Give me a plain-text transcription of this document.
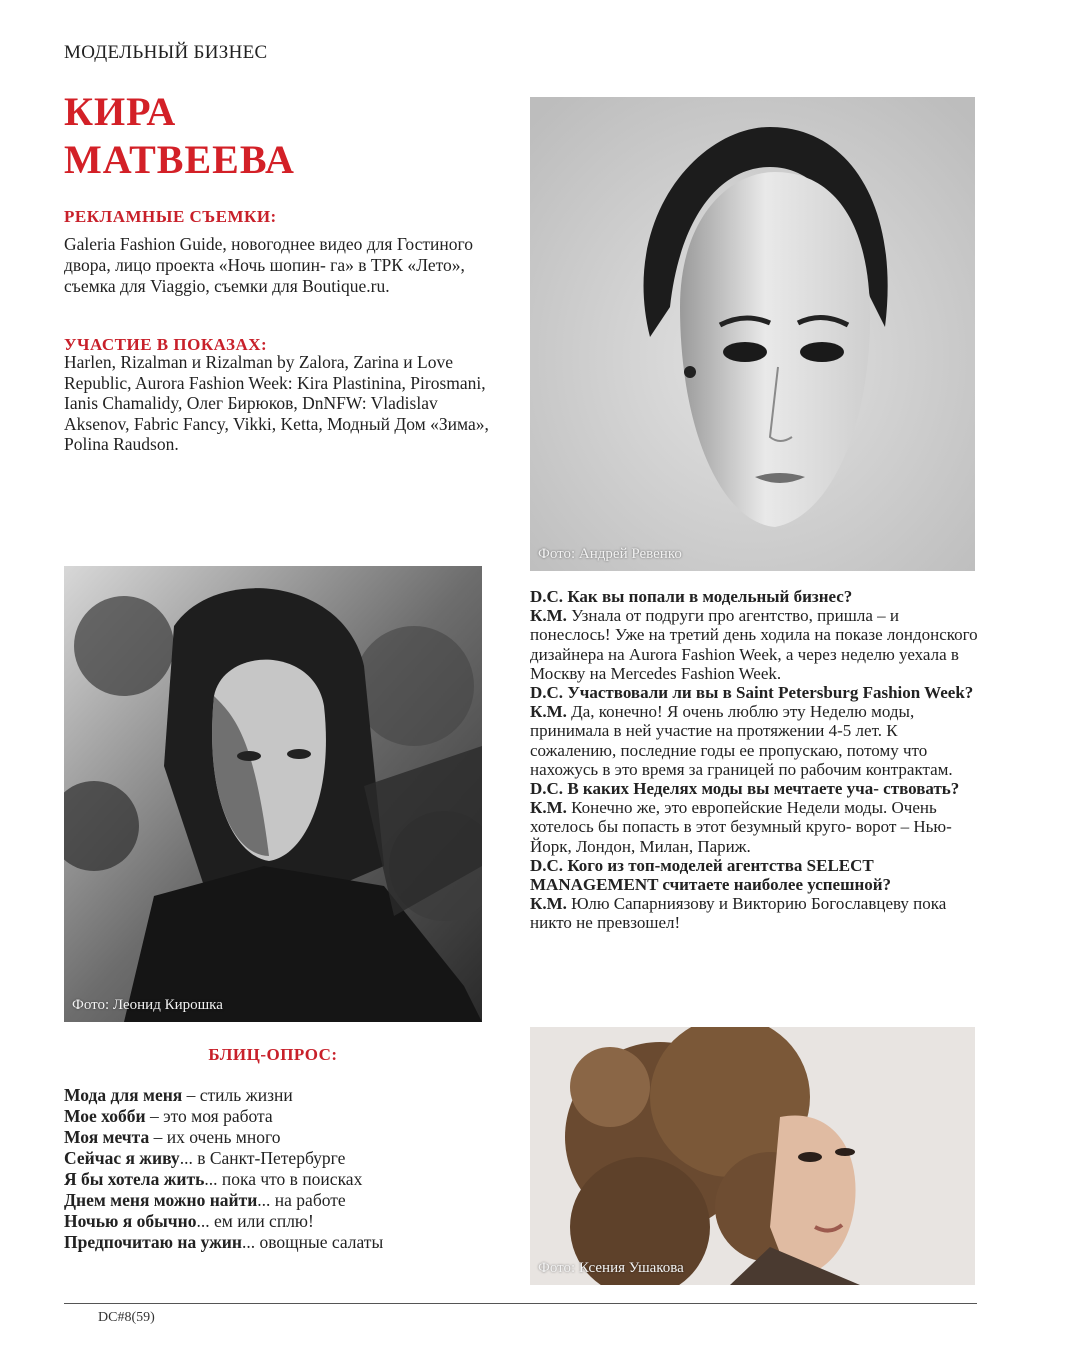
МОДЕЛЬНЫЙ БИЗНЕС
КИРА
МАТВЕЕВА
РЕКЛАМНЫЕ СЪЕМКИ:
Galeria Fashion Guide, новогоднее видео для Гостиного двора, лицо проекта «Ночь шопин- га» в ТРК «Лето», съемка для Viaggio, съемки для Boutique.ru.
УЧАСТИЕ В ПОКАЗАХ:
Harlen, Rizalman и Rizalman by Zalora, Zarina и Love Republic, Aurora Fashion Week: Kira Plastinina, Pirosmani, Ianis Chamalidy, Олег Бирюков, DnNFW: Vladislav Aksenov, Fabric Fancy, Vikki, Ketta, Модный Дом «Зима», Polina Raudson.
Фото: Андрей Ревенко
Фото: Леонид Кирошка

D.C. Как вы попали в модельный бизнес?

К.М. Узнала от подруги про агентство, пришла – и понеслось! Уже на третий день ходила на показе лондонского дизайнера на Aurora Fashion Week, а через неделю уехала в Москву на Mercedes Fashion Week.

D.C. Участвовали ли вы в Saint Petersburg Fashion Week?

К.М. Да, конечно! Я очень люблю эту Неделю моды, принимала в ней участие на протяжении 4-5 лет. К сожалению, последние годы ее пропускаю, потому что нахожусь в это время за границей по рабочим контрактам.

D.C. В каких Неделях моды вы мечтаете уча- ствовать?

К.М. Конечно же, это европейские Недели моды. Очень хотелось бы попасть в этот безумный круго- ворот – Нью-Йорк, Лондон, Милан, Париж.

D.C. Кого из топ-моделей агентства SELECT MANAGEMENT считаете наиболее успешной?

К.М. Юлю Сапарниязову и Викторию Богославцеву пока никто не превзошел!

Фото: Ксения Ушакова
БЛИЦ-ОПРОС:
Мода для меня – стиль жизни
Мое хобби – это моя работа
Моя мечта – их очень много
Сейчас я живу... в Санкт-Петербурге
Я бы хотела жить... пока что в поисках
Днем меня можно найти... на работе
Ночью я обычно... ем или сплю!
Предпочитаю на ужин... овощные салаты
DC#8(59)
